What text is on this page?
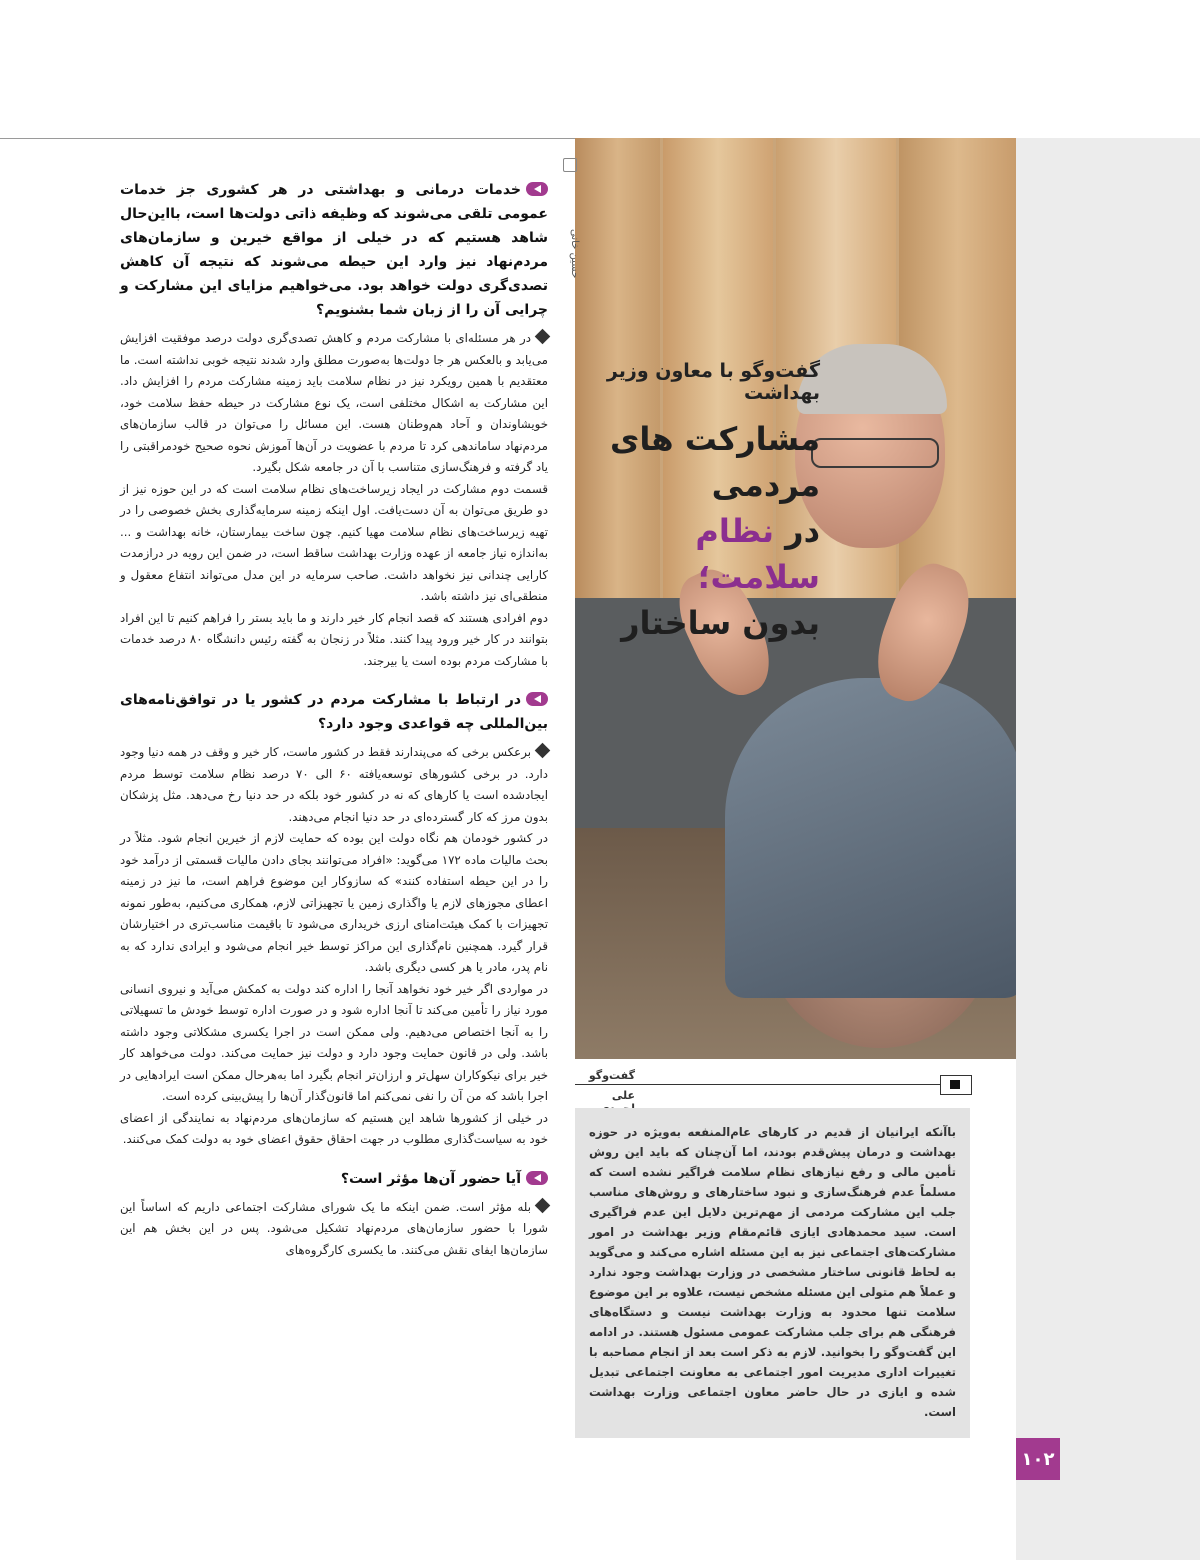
حسین خانی
گفت‌وگو با معاون وزیر بهداشت
مشارکت های مردمی
در نظام سلامت؛
بدون ساختار
گفت‌وگو
علی
باآنکه ایرانیان از قدیم در کارهای عام‌المنفعه به‌ویژه در حوزه بهداشت و درمان پیش‌قدم بودند، اما آن‌چنان که باید این روش تأمین مالی و رفع نیازهای نظام سلامت فراگیر نشده است که مسلماً عدم فرهنگ‌سازی و نبود ساختارهای و روش‌های مناسب جلب این مشارکت مردمی از مهم‌ترین دلایل این عدم فراگیری است. سید محمدهادی ایازی قائم‌مقام وزیر بهداشت در امور مشارکت‌های اجتماعی نیز به این مسئله اشاره می‌کند و می‌گوید به لحاظ قانونی ساختار مشخصی در وزارت بهداشت وجود ندارد و عملاً هم متولی این مسئله مشخص نیست، علاوه بر این موضوع سلامت تنها محدود به وزارت بهداشت نیست و دستگاه‌های فرهنگی هم برای جلب مشارکت عمومی مسئول هستند. در ادامه این گفت‌وگو را بخوانید. لازم به ذکر است بعد از انجام مصاحبه با تغییرات اداری مدیریت امور اجتماعی به معاونت اجتماعی تبدیل شده و ایازی در حال حاضر معاون اجتماعی وزارت بهداشت است.
۱۰۲

خدمات درمانی و بهداشتی در هر کشوری جز خدمات عمومی تلقی می‌شوند که وظیفه ذاتی دولت‌ها است، بااین‌حال شاهد هستیم که در خیلی از مواقع خیرین و سازمان‌های مردم‌نهاد نیز وارد این حیطه می‌شوند که نتیجه آن کاهش تصدی‌گری دولت خواهد بود. می‌خواهیم مزایای این مشارکت و چرایی آن را از زبان شما بشنویم؟

در هر مسئله‌ای با مشارکت مردم و کاهش تصدی‌گری دولت درصد موفقیت افزایش می‌یابد و بالعکس هر جا دولت‌ها به‌صورت مطلق وارد شدند نتیجه خوبی نداشته است. ما معتقدیم با همین رویکرد نیز در نظام سلامت باید زمینه مشارکت مردم را افزایش داد. این مشارکت به اشکال مختلفی است، یک نوع مشارکت در حیطه حفظ سلامت خود، خویشاوندان و آحاد هم‌وطنان هست. این مسائل را می‌توان در قالب سازمان‌های مردم‌نهاد ساماندهی کرد تا مردم با عضویت در آن‌ها آموزش نحوه صحیح خودمراقبتی را یاد گرفته و فرهنگ‌سازی متناسب با آن در جامعه شکل بگیرد.

قسمت دوم مشارکت در ایجاد زیرساخت‌های نظام سلامت است که در این حوزه نیز از دو طریق می‌توان به آن دست‌یافت. اول اینکه زمینه سرمایه‌گذاری بخش خصوصی را در تهیه زیرساخت‌های نظام سلامت مهیا کنیم. چون ساخت بیمارستان، خانه بهداشت و ... به‌اندازه نیاز جامعه از عهده وزارت بهداشت ساقط است، در ضمن این رویه در درازمدت کارایی چندانی نیز نخواهد داشت. صاحب سرمایه در این مدل می‌تواند انتفاع معقول و منطقی‌ای نیز داشته باشد.

دوم افرادی هستند که قصد انجام کار خیر دارند و ما باید بستر را فراهم کنیم تا این افراد بتوانند در کار خیر ورود پیدا کنند. مثلاً در زنجان به گفته رئیس دانشگاه ۸۰ درصد خدمات با مشارکت مردم بوده است یا بیرجند.

در ارتباط با مشارکت مردم در کشور یا در توافق‌نامه‌های بین‌المللی چه قواعدی وجود دارد؟

برعکس برخی که می‌پندارند فقط در کشور ماست، کار خیر و وقف در همه دنیا وجود دارد. در برخی کشورهای توسعه‌یافته ۶۰ الی ۷۰ درصد نظام سلامت توسط مردم ایجادشده است یا کارهای که نه در کشور خود بلکه در حد دنیا رخ می‌دهد. مثل پزشکان بدون مرز که کار گسترده‌ای در حد دنیا انجام می‌دهند.

در کشور خودمان هم نگاه دولت این بوده که حمایت لازم از خیرین انجام شود. مثلاً در بحث مالیات ماده ۱۷۲ می‌گوید: «افراد می‌توانند بجای دادن مالیات قسمتی از درآمد خود را در این حیطه استفاده کنند» که سازوکار این موضوع فراهم است، ما نیز در زمینه اعطای مجوزهای لازم یا واگذاری زمین یا تجهیزاتی لازم، همکاری می‌کنیم، به‌طور نمونه تجهیزات با کمک هیئت‌امنای ارزی خریداری می‌شود تا باقیمت مناسب‌تری در اختیارشان قرار گیرد. همچنین نام‌گذاری این مراکز توسط خیر انجام می‌شود و ایرادی ندارد که به نام پدر، مادر یا هر کسی دیگری باشد.

در مواردی اگر خیر خود نخواهد آنجا را اداره کند دولت به کمکش می‌آید و نیروی انسانی مورد نیاز را تأمین می‌کند تا آنجا اداره شود و در صورت اداره توسط خودش ما تسهیلاتی را به آنجا اختصاص می‌دهیم. ولی ممکن است در اجرا یکسری مشکلاتی وجود داشته باشد. ولی در قانون حمایت وجود دارد و دولت نیز حمایت می‌کند. دولت می‌خواهد کار خیر برای نیکوکاران سهل‌تر و ارزان‌تر انجام بگیرد اما به‌هرحال ممکن است ایرادهایی در اجرا باشد که من آن را نفی نمی‌کنم اما قانون‌گذار آن‌ها را پیش‌بینی کرده است.

در خیلی از کشورها شاهد این هستیم که سازمان‌های مردم‌نهاد به نمایندگی از اعضای خود به سیاست‌گذاری مطلوب در جهت احقاق حقوق اعضای خود به دولت کمک می‌کنند.

آیا حضور آن‌ها مؤثر است؟

بله مؤثر است. ضمن اینکه ما یک شورای مشارکت اجتماعی داریم که اساساً این شورا با حضور سازمان‌های مردم‌نهاد تشکیل می‌شود. پس در این بخش هم این سازمان‌ها ایفای نقش می‌کنند. ما یکسری کارگروه‌های
